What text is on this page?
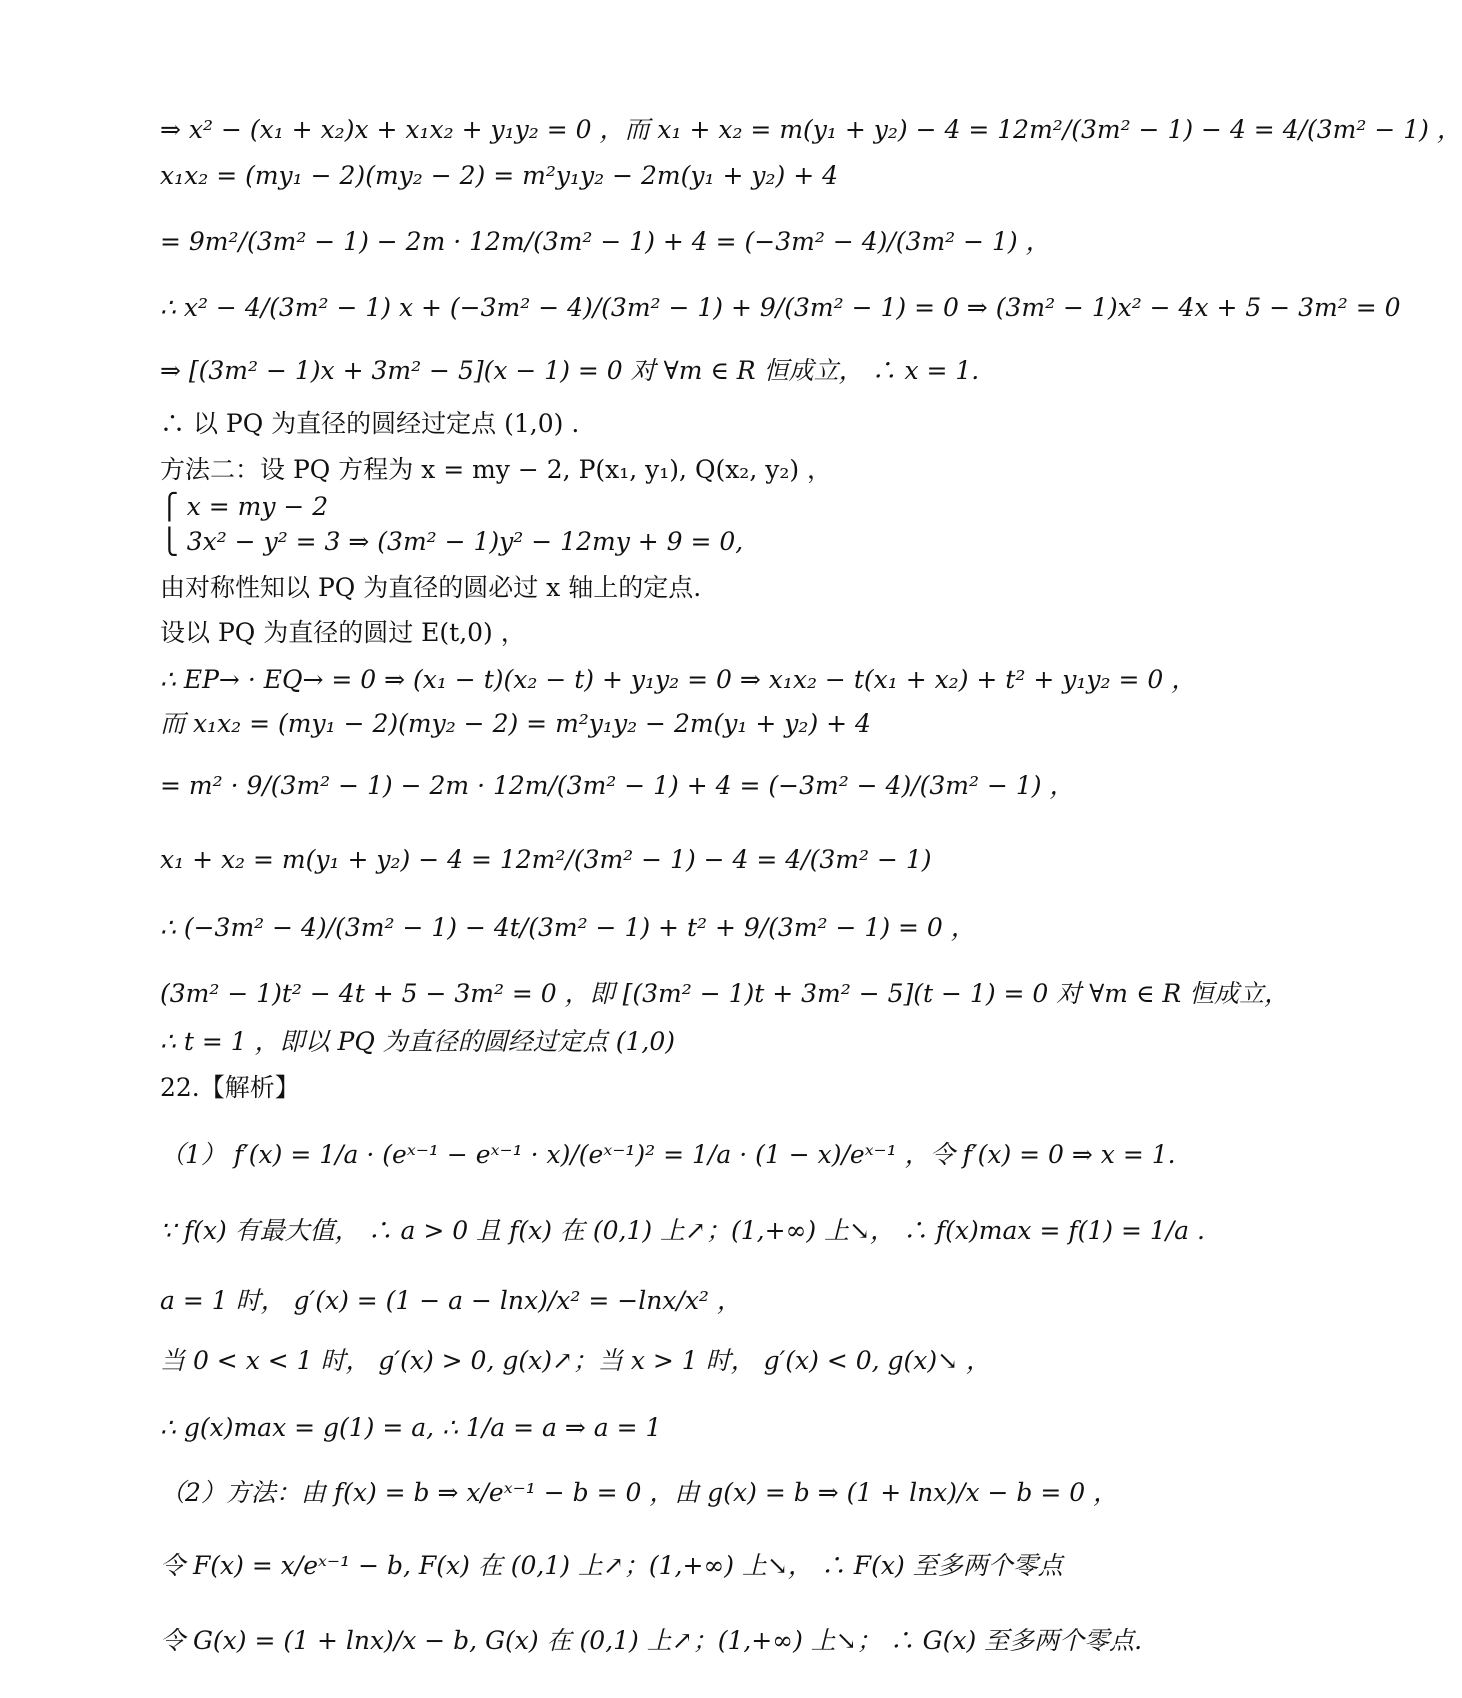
⇒ x² − (x₁ + x₂)x + x₁x₂ + y₁y₂ = 0 ，而 x₁ + x₂ = m(y₁ + y₂) − 4 = 12m²/(3m² − 1) − 4 = 4/(3m² − 1) ，
x₁x₂ = (my₁ − 2)(my₂ − 2) = m²y₁y₂ − 2m(y₁ + y₂) + 4
= 9m²/(3m² − 1) − 2m · 12m/(3m² − 1) + 4 = (−3m² − 4)/(3m² − 1) ，
∴ x² − 4/(3m² − 1) x + (−3m² − 4)/(3m² − 1) + 9/(3m² − 1) = 0 ⇒ (3m² − 1)x² − 4x + 5 − 3m² = 0
⇒ [(3m² − 1)x + 3m² − 5](x − 1) = 0 对 ∀m ∈ R 恒成立， ∴ x = 1.
∴ 以 PQ 为直径的圆经过定点 (1,0) .
方法二：设 PQ 方程为 x = my − 2, P(x₁, y₁), Q(x₂, y₂) ，
⎧ x = my − 2
⎩ 3x² − y² = 3 ⇒ (3m² − 1)y² − 12my + 9 = 0,
由对称性知以 PQ 为直径的圆必过 x 轴上的定点.
设以 PQ 为直径的圆过 E(t,0) ，
∴ EP→ · EQ→ = 0 ⇒ (x₁ − t)(x₂ − t) + y₁y₂ = 0 ⇒ x₁x₂ − t(x₁ + x₂) + t² + y₁y₂ = 0 ，
而 x₁x₂ = (my₁ − 2)(my₂ − 2) = m²y₁y₂ − 2m(y₁ + y₂) + 4
= m² · 9/(3m² − 1) − 2m · 12m/(3m² − 1) + 4 = (−3m² − 4)/(3m² − 1) ，
x₁ + x₂ = m(y₁ + y₂) − 4 = 12m²/(3m² − 1) − 4 = 4/(3m² − 1)
∴ (−3m² − 4)/(3m² − 1) − 4t/(3m² − 1) + t² + 9/(3m² − 1) = 0 ，
(3m² − 1)t² − 4t + 5 − 3m² = 0 ，即 [(3m² − 1)t + 3m² − 5](t − 1) = 0 对 ∀m ∈ R 恒成立，
∴ t = 1 ，即以 PQ 为直径的圆经过定点 (1,0)
22.【解析】
（1） f′(x) = 1/a · (eˣ⁻¹ − eˣ⁻¹ · x)/(eˣ⁻¹)² = 1/a · (1 − x)/eˣ⁻¹ ，令 f′(x) = 0 ⇒ x = 1.
∵ f(x) 有最大值， ∴ a > 0 且 f(x) 在 (0,1) 上↗；(1,+∞) 上↘， ∴ f(x)max = f(1) = 1/a .
a = 1 时， g′(x) = (1 − a − lnx)/x² = −lnx/x² ，
当 0 < x < 1 时， g′(x) > 0, g(x)↗；当 x > 1 时， g′(x) < 0, g(x)↘ ，
∴ g(x)max = g(1) = a, ∴ 1/a = a ⇒ a = 1
（2）方法：由 f(x) = b ⇒ x/eˣ⁻¹ − b = 0 ，由 g(x) = b ⇒ (1 + lnx)/x − b = 0 ，
令 F(x) = x/eˣ⁻¹ − b, F(x) 在 (0,1) 上↗；(1,+∞) 上↘， ∴ F(x) 至多两个零点
令 G(x) = (1 + lnx)/x − b, G(x) 在 (0,1) 上↗；(1,+∞) 上↘； ∴ G(x) 至多两个零点.
